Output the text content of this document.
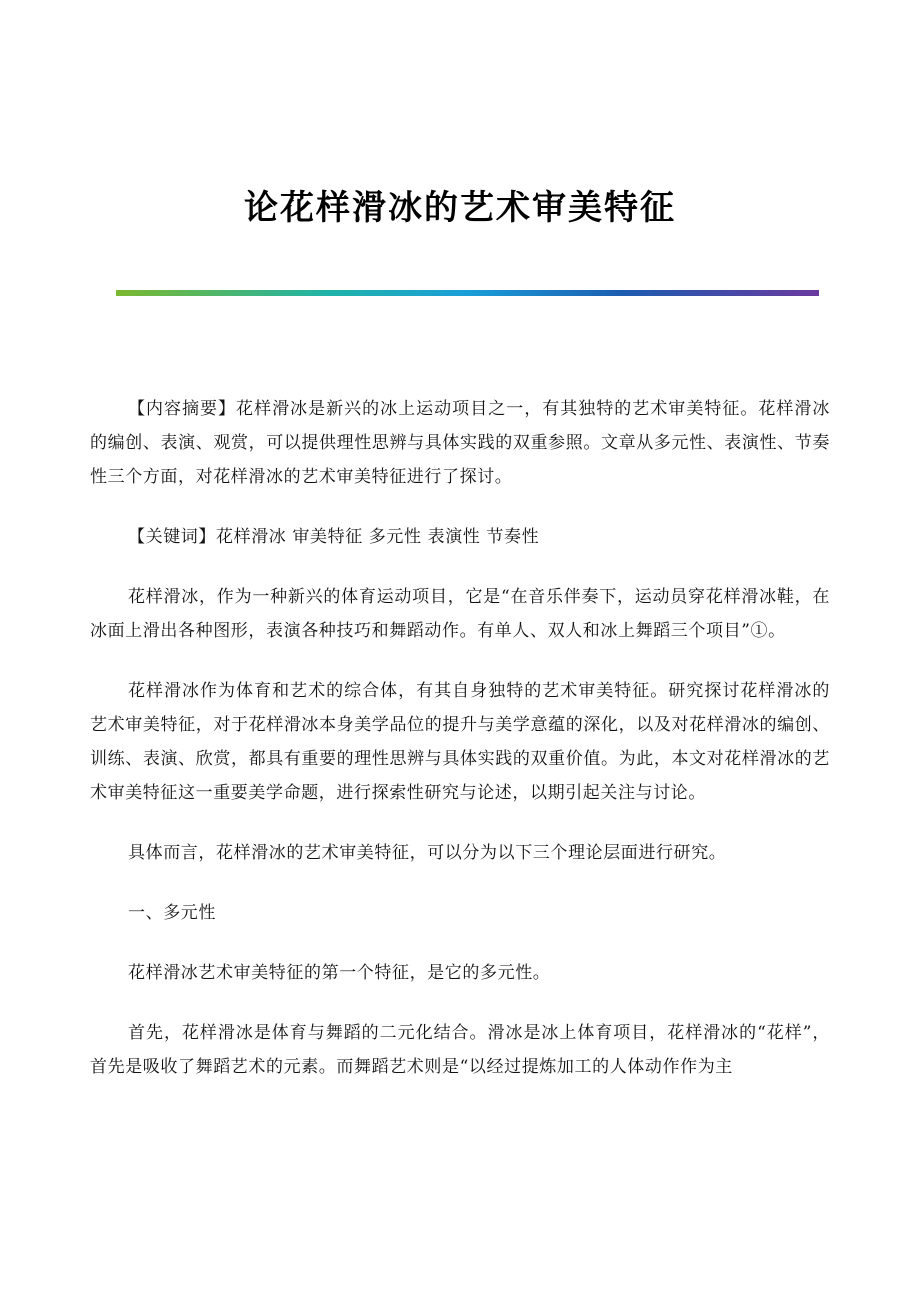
论花样滑冰的艺术审美特征

【内容摘要】花样滑冰是新兴的冰上运动项目之一，有其独特的艺术审美特征。花样滑冰的编创、表演、观赏，可以提供理性思辨与具体实践的双重参照。文章从多元性、表演性、节奏性三个方面，对花样滑冰的艺术审美特征进行了探讨。

【关键词】花样滑冰 审美特征 多元性 表演性 节奏性

花样滑冰，作为一种新兴的体育运动项目，它是“在音乐伴奏下，运动员穿花样滑冰鞋，在冰面上滑出各种图形，表演各种技巧和舞蹈动作。有单人、双人和冰上舞蹈三个项目”①。

花样滑冰作为体育和艺术的综合体，有其自身独特的艺术审美特征。研究探讨花样滑冰的艺术审美特征，对于花样滑冰本身美学品位的提升与美学意蕴的深化，以及对花样滑冰的编创、训练、表演、欣赏，都具有重要的理性思辨与具体实践的双重价值。为此，本文对花样滑冰的艺术审美特征这一重要美学命题，进行探索性研究与论述，以期引起关注与讨论。

具体而言，花样滑冰的艺术审美特征，可以分为以下三个理论层面进行研究。

一、多元性

花样滑冰艺术审美特征的第一个特征，是它的多元性。

首先，花样滑冰是体育与舞蹈的二元化结合。滑冰是冰上体育项目，花样滑冰的“花样”，首先是吸收了舞蹈艺术的元素。而舞蹈艺术则是“以经过提炼加工的人体动作作为主
